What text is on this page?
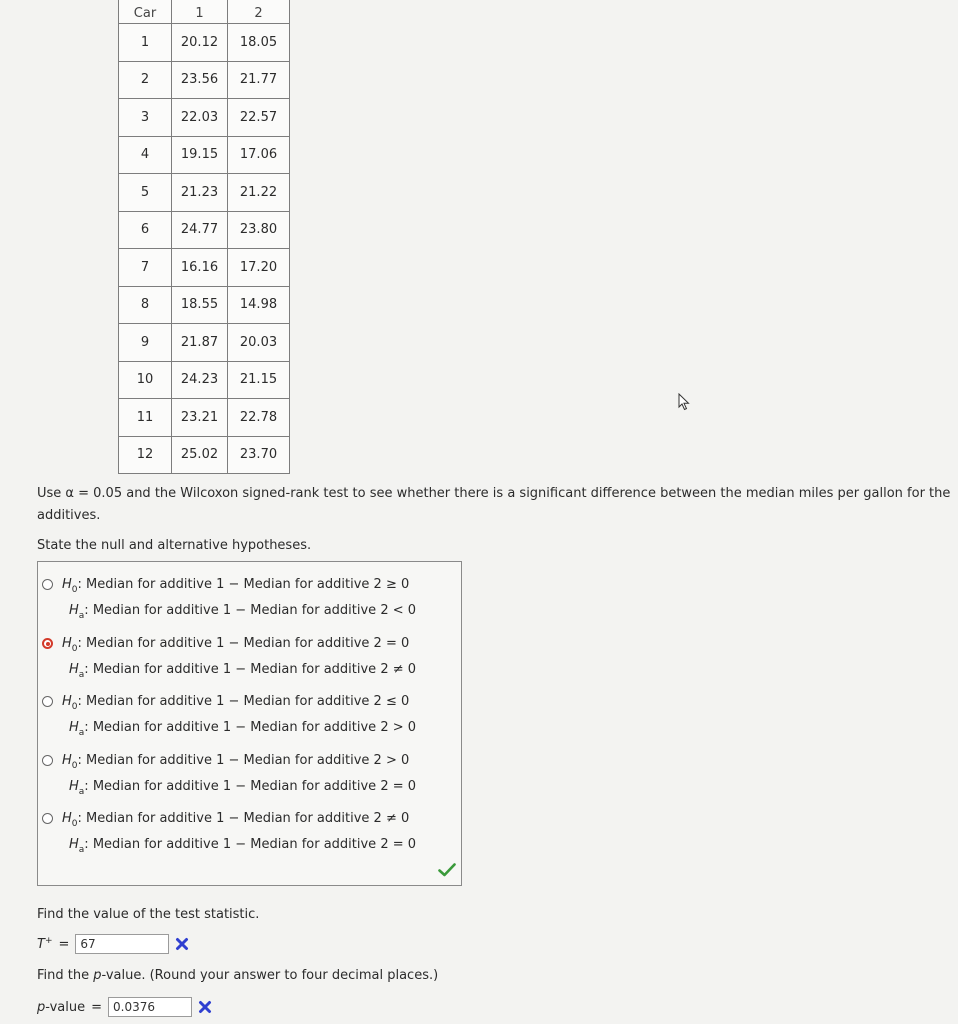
Car	1	2
1	20.12	18.05
2	23.56	21.77
3	22.03	22.57
4	19.15	17.06
5	21.23	21.22
6	24.77	23.80
7	16.16	17.20
8	18.55	14.98
9	21.87	20.03
10	24.23	21.15
11	23.21	22.78
12	25.02	23.70
Use α = 0.05 and the Wilcoxon signed-rank test to see whether there is a significant difference between the median miles per gallon for the additives.
State the null and alternative hypotheses.
$H_0$: Median for additive 1 − Median for additive 2 ≥ 0
$H_a$: Median for additive 1 − Median for additive 2 < 0
$H_0$: Median for additive 1 − Median for additive 2 = 0
$H_a$: Median for additive 1 − Median for additive 2 ≠ 0
$H_0$: Median for additive 1 − Median for additive 2 ≤ 0
$H_a$: Median for additive 1 − Median for additive 2 > 0
$H_0$: Median for additive 1 − Median for additive 2 > 0
$H_a$: Median for additive 1 − Median for additive 2 = 0
$H_0$: Median for additive 1 − Median for additive 2 ≠ 0
$H_a$: Median for additive 1 − Median for additive 2 = 0
Find the value of the test statistic.
T+ =
67
Find the p-value. (Round your answer to four decimal places.)
p-value =
0.0376
